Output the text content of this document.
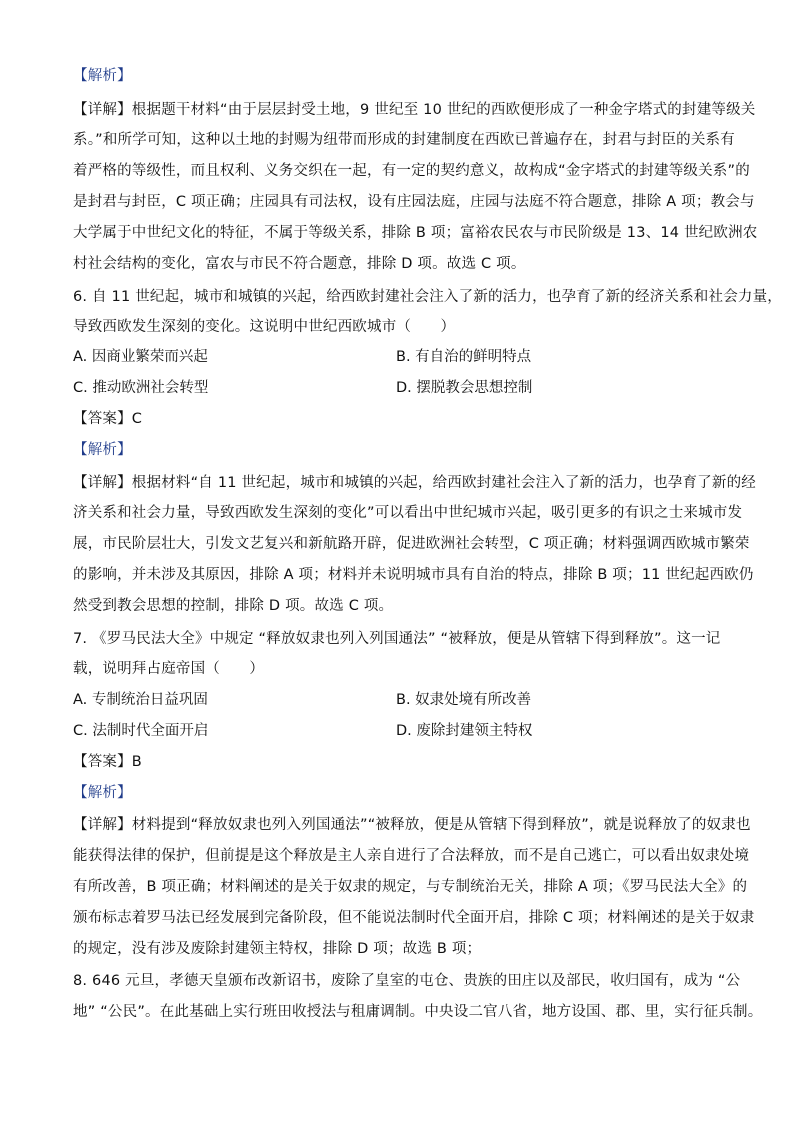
【解析】
【详解】根据题干材料“由于层层封受土地，9 世纪至 10 世纪的西欧便形成了一种金字塔式的封建等级关
系。”和所学可知，这种以土地的封赐为纽带而形成的封建制度在西欧已普遍存在，封君与封臣的关系有
着严格的等级性，而且权利、义务交织在一起，有一定的契约意义，故构成“金字塔式的封建等级关系”的
是封君与封臣，C 项正确；庄园具有司法权，设有庄园法庭，庄园与法庭不符合题意，排除 A 项；教会与
大学属于中世纪文化的特征，不属于等级关系，排除 B 项；富裕农民农与市民阶级是 13、14 世纪欧洲农
村社会结构的变化，富农与市民不符合题意，排除 D 项。故选 C 项。
6. 自 11 世纪起，城市和城镇的兴起，给西欧封建社会注入了新的活力，也孕育了新的经济关系和社会力量，
导致西欧发生深刻的变化。这说明中世纪西欧城市（　　）
A. 因商业繁荣而兴起	B. 有自治的鲜明特点
C. 推动欧洲社会转型	D. 摆脱教会思想控制
【答案】C
【解析】
【详解】根据材料“自 11 世纪起，城市和城镇的兴起，给西欧封建社会注入了新的活力，也孕育了新的经
济关系和社会力量，导致西欧发生深刻的变化”可以看出中世纪城市兴起，吸引更多的有识之士来城市发
展，市民阶层壮大，引发文艺复兴和新航路开辟，促进欧洲社会转型，C 项正确；材料强调西欧城市繁荣
的影响，并未涉及其原因，排除 A 项；材料并未说明城市具有自治的特点，排除 B 项；11 世纪起西欧仍
然受到教会思想的控制，排除 D 项。故选 C 项。
7. 《罗马民法大全》中规定 “释放奴隶也列入列国通法” “被释放，便是从管辖下得到释放”。这一记
载，说明拜占庭帝国（　　）
A. 专制统治日益巩固	B. 奴隶处境有所改善
C. 法制时代全面开启	D. 废除封建领主特权
【答案】B
【解析】
【详解】材料提到“释放奴隶也列入列国通法”“被释放，便是从管辖下得到释放”，就是说释放了的奴隶也
能获得法律的保护，但前提是这个释放是主人亲自进行了合法释放，而不是自己逃亡，可以看出奴隶处境
有所改善，B 项正确；材料阐述的是关于奴隶的规定，与专制统治无关，排除 A 项；《罗马民法大全》的
颁布标志着罗马法已经发展到完备阶段，但不能说法制时代全面开启，排除 C 项；材料阐述的是关于奴隶
的规定，没有涉及废除封建领主特权，排除 D 项；故选 B 项；
8. 646 元旦，孝德天皇颁布改新诏书，废除了皇室的屯仓、贵族的田庄以及部民，收归国有，成为 “公
地” “公民”。在此基础上实行班田收授法与租庸调制。中央设二官八省，地方设国、郡、里，实行征兵制。
